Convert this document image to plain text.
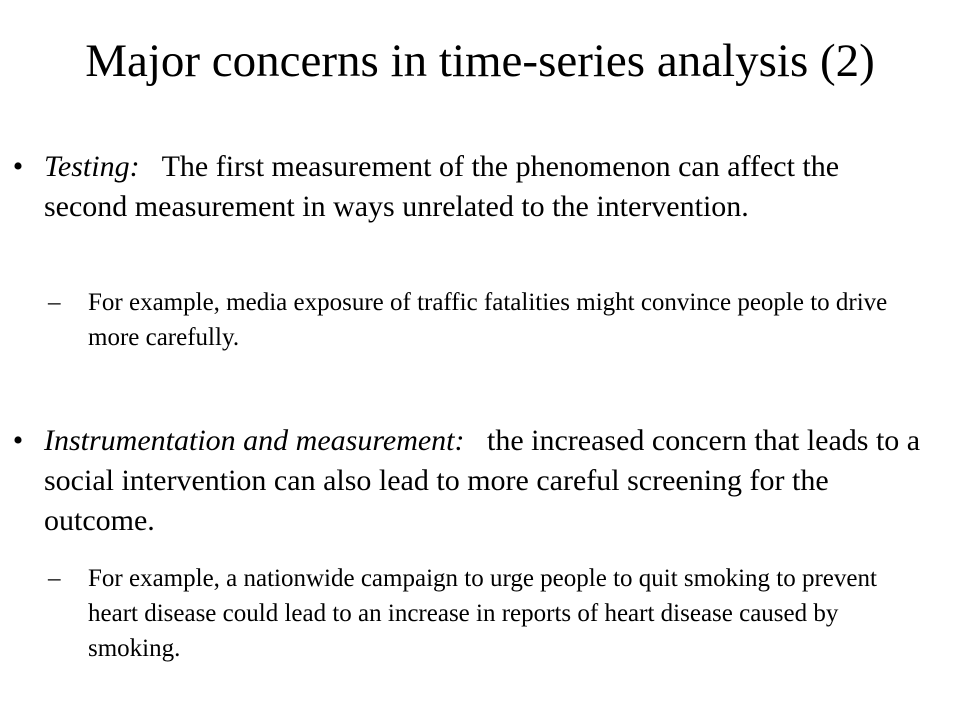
Major concerns in time-series analysis (2)
• Testing: The first measurement of the phenomenon can affect the second measurement in ways unrelated to the intervention.
– For example, media exposure of traffic fatalities might convince people to drive more carefully.
• Instrumentation and measurement: the increased concern that leads to a social intervention can also lead to more careful screening for the outcome.
– For example, a nationwide campaign to urge people to quit smoking to prevent heart disease could lead to an increase in reports of heart disease caused by smoking.
